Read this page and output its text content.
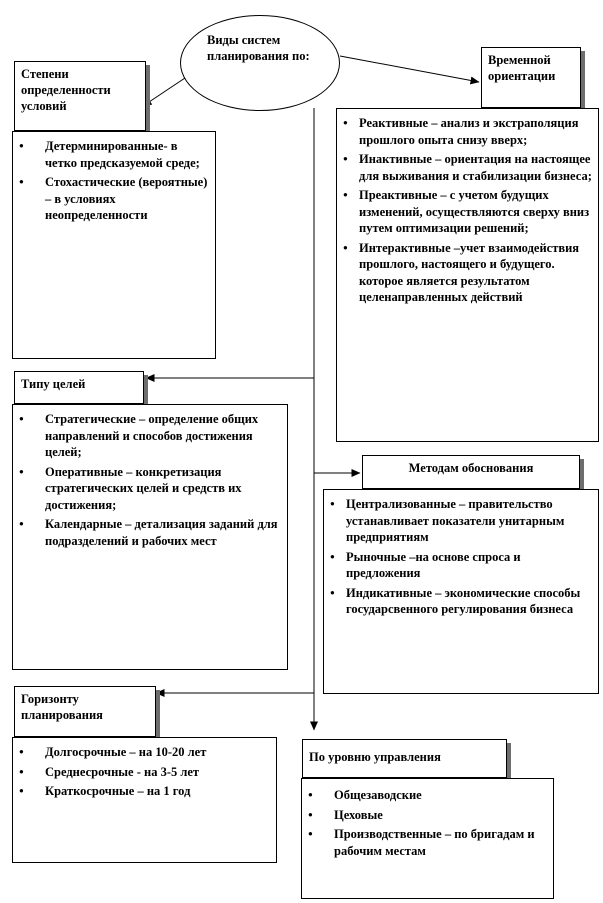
Виды систем планирования по:
Степени определенности условий
● Детерминированные- в четко предсказуемой среде;
● Стохастические (вероятные) – в условиях неопределенности
Временной ориентации
● Реактивные – анализ и экстраполяция прошлого опыта снизу вверх;
● Инактивные – ориентация на настоящее для выживания и стабилизации бизнеса;
● Преактивные – с учетом будущих изменений, осуществляются сверху вниз путем оптимизации решений;
● Интерактивные –учет взаимодействия прошлого, настоящего и будущего. которое является результатом целенаправленных действий
Типу целей
● Стратегические – определение общих направлений и способов достижения целей;
● Оперативные – конкретизация стратегических целей и средств их достижения;
● Календарные – детализация заданий для подразделений и рабочих мест
Методам обоснования
● Централизованные – правительство устанавливает показатели унитарным предприятиям
● Рыночные –на основе спроса и предложения
● Индикативные – экономические способы государсвенного регулирования бизнеса
Горизонту планирования
● Долгосрочные – на 10-20 лет
● Среднесрочные - на 3-5 лет
● Краткосрочные – на 1 год
По уровню управления
● Общезаводские
● Цеховые
● Производственные – по бригадам и рабочим местам
